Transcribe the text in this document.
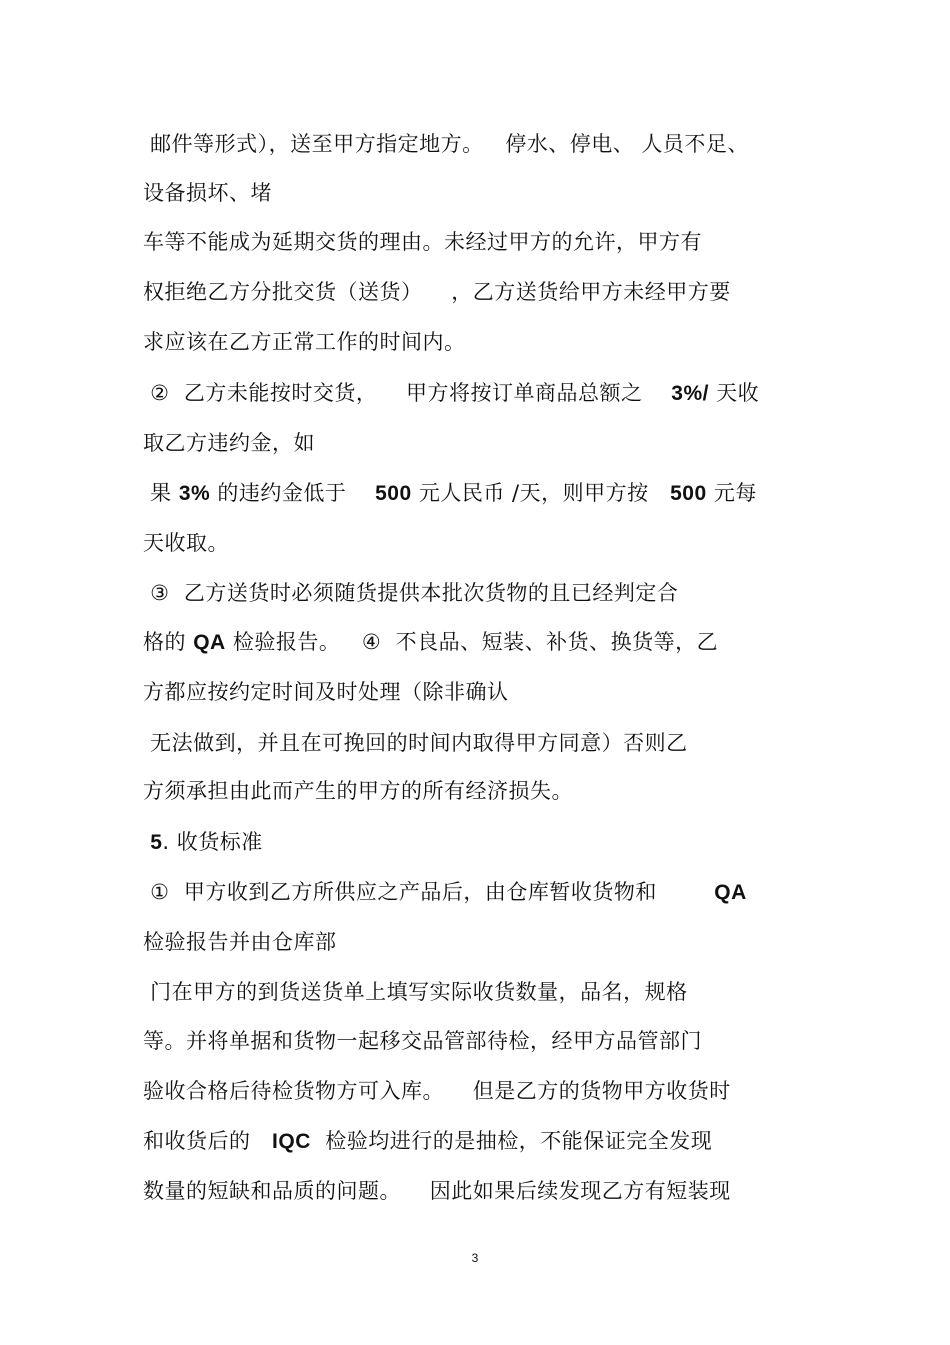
邮件等形式），送至甲方指定地方。   停水、停电、 人员不足、
设备损坏、堵
车等不能成为延期交货的理由。未经过甲方的允许，甲方有
权拒绝乙方分批交货（送货）    ，乙方送货给甲方未经甲方要
求应该在乙方正常工作的时间内。
②  乙方未能按时交货，    甲方将按订单商品总额之    3%/ 天收
取乙方违约金，如
果 3% 的违约金低于    500 元人民币 /天，则甲方按   500 元每
天收取。
③  乙方送货时必须随货提供本批次货物的且已经判定合
格的 QA 检验报告。   ④  不良品、短装、补货、换货等，乙
方都应按约定时间及时处理（除非确认
无法做到，并且在可挽回的时间内取得甲方同意）否则乙
方须承担由此而产生的甲方的所有经济损失。
5. 收货标准
①  甲方收到乙方所供应之产品后，由仓库暂收货物和        QA
检验报告并由仓库部
门在甲方的到货送货单上填写实际收货数量，品名，规格
等。并将单据和货物一起移交品管部待检，经甲方品管部门
验收合格后待检货物方可入库。    但是乙方的货物甲方收货时
和收货后的   IQC  检验均进行的是抽检，不能保证完全发现
数量的短缺和品质的问题。    因此如果后续发现乙方有短装现
3
